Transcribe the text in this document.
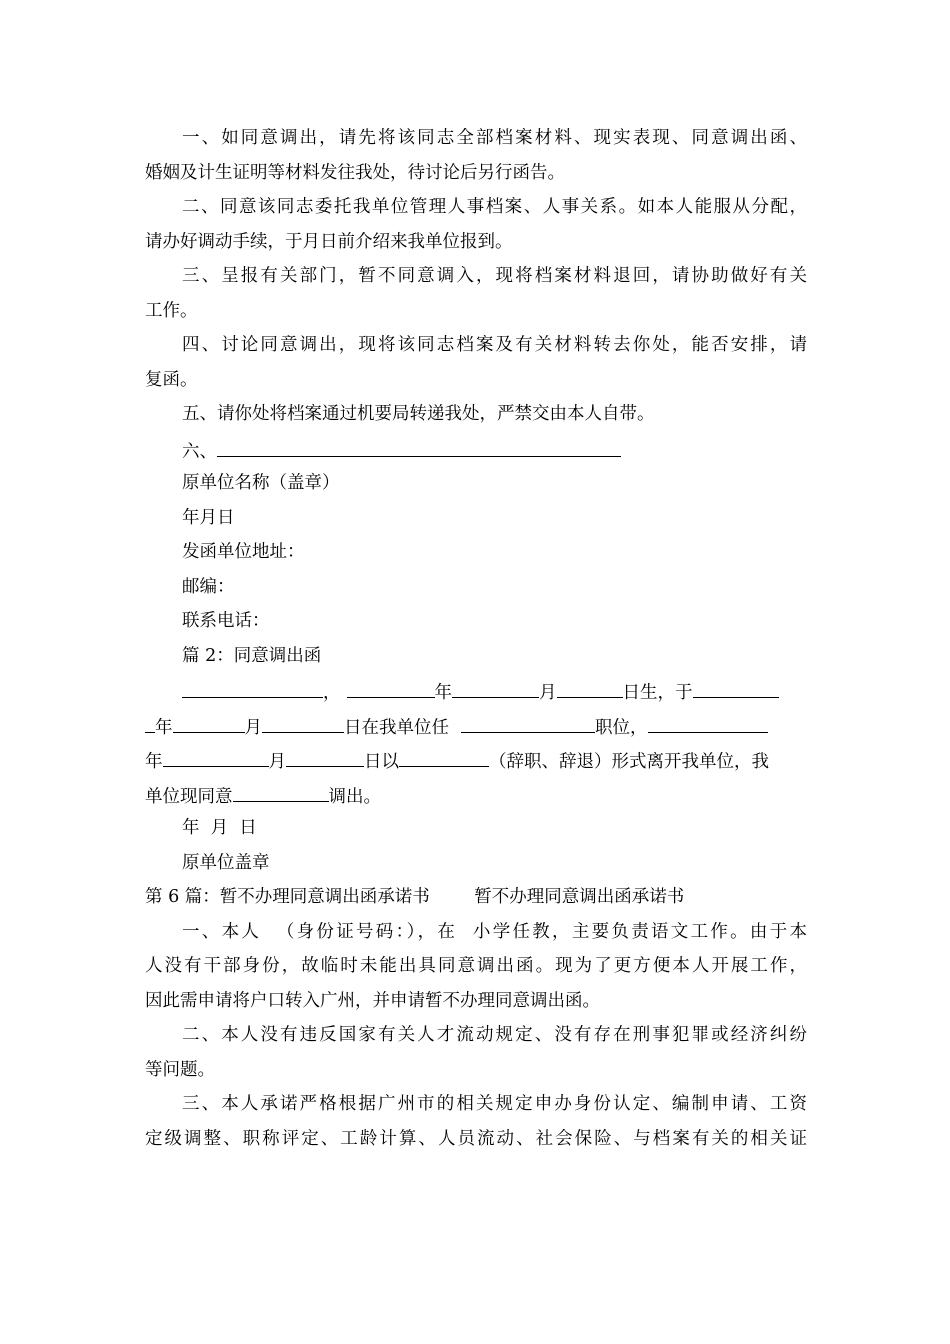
一、如同意调出，请先将该同志全部档案材料、现实表现、同意调出函、
婚姻及计生证明等材料发往我处，待讨论后另行函告。
二、同意该同志委托我单位管理人事档案、人事关系。如本人能服从分配，
请办好调动手续，于月日前介绍来我单位报到。
三、呈报有关部门，暂不同意调入，现将档案材料退回，请协助做好有关
工作。
四、讨论同意调出，现将该同志档案及有关材料转去你处，能否安排，请
复函。
五、请你处将档案通过机要局转递我处，严禁交由本人自带。
六、
原单位名称（盖章）
年月日
发函单位地址：
邮编：
联系电话：
篇 2：同意调出函
，	年	月	日生，于
年	月	日在我单位任	职位，
年	月	日以	（辞职、辞退）形式离开我单位，我
单位现同意	调出。
年  月  日
原单位盖章
第 6 篇：暂不办理同意调出函承诺书        暂不办理同意调出函承诺书
一、本人  （身份证号码：），在  小学任教，主要负责语文工作。由于本
人没有干部身份，故临时未能出具同意调出函。现为了更方便本人开展工作，
因此需申请将户口转入广州，并申请暂不办理同意调出函。
二、本人没有违反国家有关人才流动规定、没有存在刑事犯罪或经济纠纷
等问题。
三、本人承诺严格根据广州市的相关规定申办身份认定、编制申请、工资
定级调整、职称评定、工龄计算、人员流动、社会保险、与档案有关的相关证
